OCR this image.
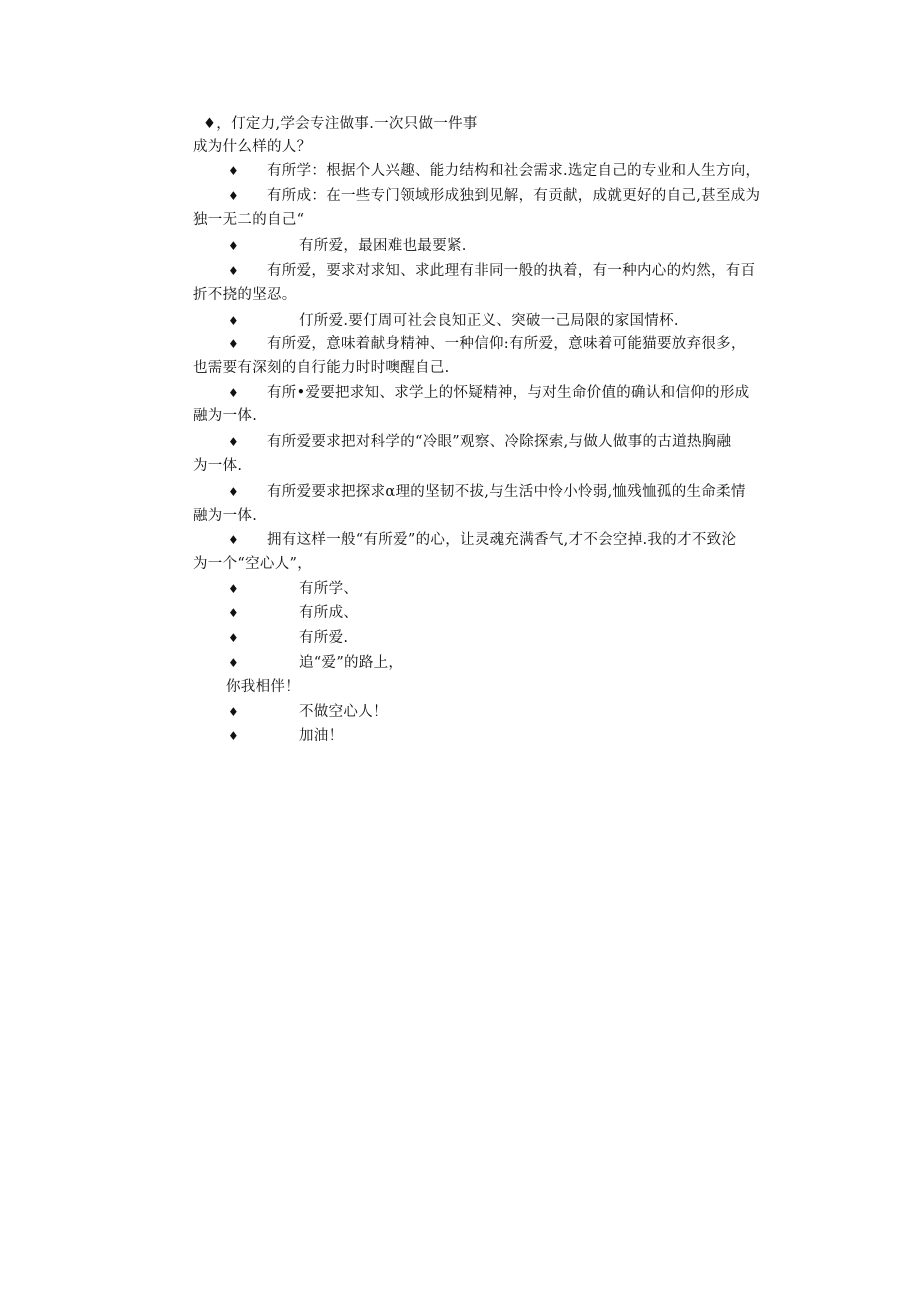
♦，仃定力,学会专注做事.一次只做一件事
成为什么样的人？
♦ 有所学：根据个人兴趣、能力结构和社会需求.选定自己的专业和人生方向，
♦ 有所成：在一些专门领域形成独到见解，有贡献，成就更好的自己,甚至成为
独一无二的自己“
♦	有所爱，最困难也最要紧.
♦ 有所爱，要求对求知、求此理有非同一般的执着，有一种内心的灼然，有百
折不挠的坚忍。
♦	仃所爱.要仃周可社会良知正义、突破一己局限的家国情杯.
♦ 有所爱，意味着献身精神、一种信仰:有所爱，意味着可能猫要放弃很多，
也需要有深刻的自行能力时时噢醒自己.
♦ 有所•爱要把求知、求学上的怀疑精神，与对生命价值的确认和信仰的形成
融为一体.
♦ 有所爱要求把对科学的“冷眼”观察、冷除探索,与做人做事的古道热胸融
为一体.
♦ 有所爱要求把探求α理的坚韧不拔,与生活中怜小怜弱,恤残恤孤的生命柔情
融为一体.
♦ 拥有这样一般“有所爱”的心，让灵魂充满香气,才不会空掉.我的才不致沦
为一个“空心人”，
♦	有所学、
♦	有所成、
♦	有所爱.
♦	追“爱”的路上，
你我相伴！
♦	不做空心人！
♦	加油！
